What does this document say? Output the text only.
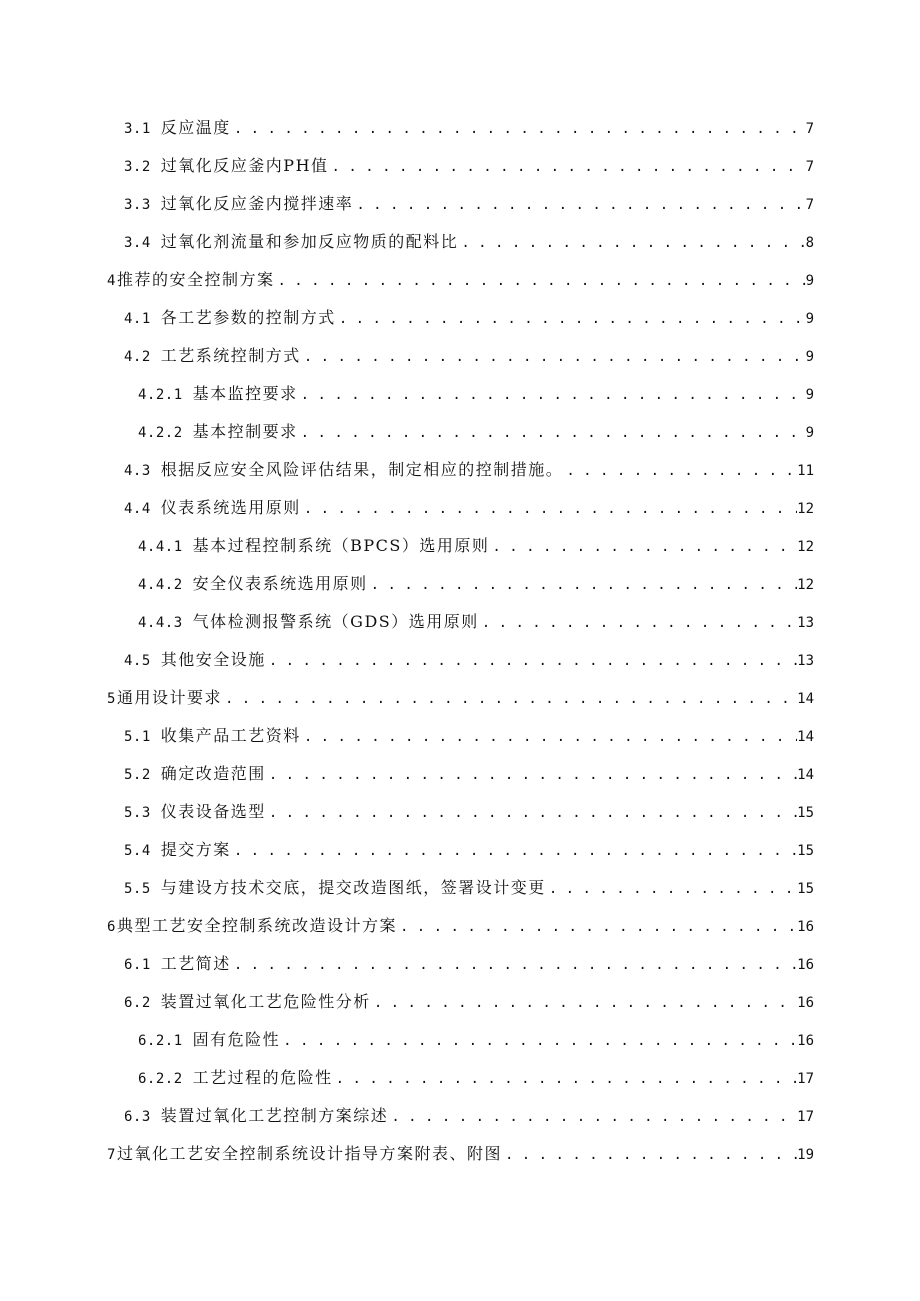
3.1 反应温度 . . .	7
3.2 过氧化反应釜内PH值 . . .	7
3.3 过氧化反应釜内搅拌速率 . . .	7
3.4 过氧化剂流量和参加反应物质的配料比 . . .	8
4 推荐的安全控制方案 . . .	9
4.1 各工艺参数的控制方式 . . .	9
4.2 工艺系统控制方式 . . .	9
4.2.1 基本监控要求 . . .	9
4.2.2 基本控制要求 . . .	9
4.3 根据反应安全风险评估结果，制定相应的控制措施。 . . .	11
4.4 仪表系统选用原则 . . .	12
4.4.1 基本过程控制系统（BPCS）选用原则 . . .	12
4.4.2 安全仪表系统选用原则 . . .	12
4.4.3 气体检测报警系统（GDS）选用原则 . . .	13
4.5 其他安全设施 . . .	13
5 通用设计要求 . . .	14
5.1 收集产品工艺资料 . . .	14
5.2 确定改造范围 . . .	14
5.3 仪表设备选型 . . .	15
5.4 提交方案 . . .	15
5.5 与建设方技术交底，提交改造图纸，签署设计变更 . . .	15
6 典型工艺安全控制系统改造设计方案 . . .	16
6.1 工艺简述 . . .	16
6.2 装置过氧化工艺危险性分析 . . .	16
6.2.1 固有危险性 . . .	16
6.2.2 工艺过程的危险性 . . .	17
6.3 装置过氧化工艺控制方案综述 . . .	17
7 过氧化工艺安全控制系统设计指导方案附表、附图 . . .	19
